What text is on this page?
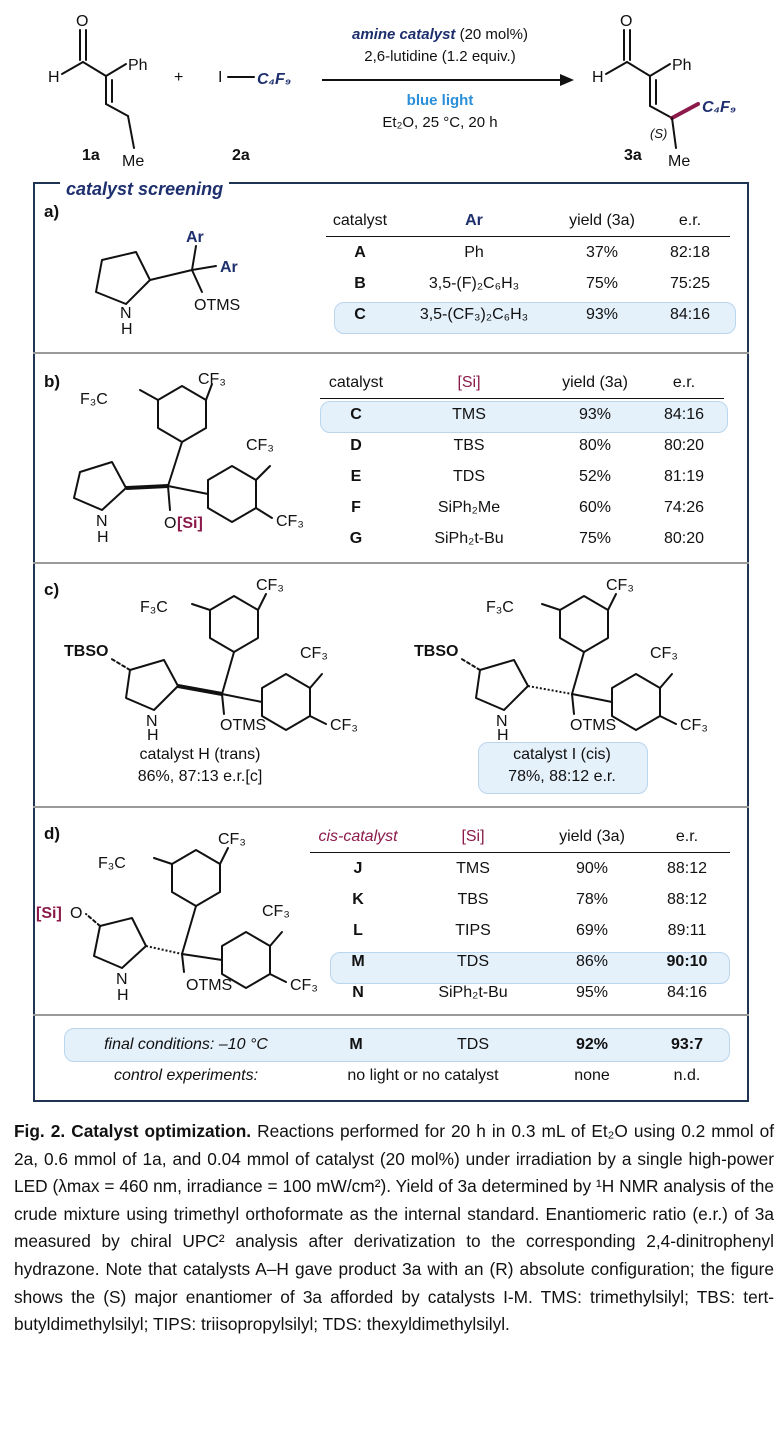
O
H
Ph
Me
1a
+ I C₄F₉
2a
O
H
Ph
C₄F₉
(S)
Me
3a
amine catalyst (20 mol%)
2,6-lutidine (1.2 equiv.)
blue light
Et₂O, 25 °C, 20 h
catalyst screening
a)
Ar
Ar
N
H
OTMS
catalyst	Ar	yield (3a)	e.r.
A	Ph	37%	82:18
B	3,5-(F)₂C₆H₃	75%	75:25
C	3,5-(CF₃)₂C₆H₃	93%	84:16
b)
F₃C
CF₃
CF₃
CF₃
N
H
O [Si]
catalyst	[Si]	yield (3a)	e.r.
C	TMS	93%	84:16
D	TBS	80%	80:20
E	TDS	52%	81:19
F	SiPh₂Me	60%	74:26
G	SiPh₂t-Bu	75%	80:20
c)
F₃C
CF₃
CF₃
CF₃
TBSO
N
H
OTMS
catalyst H (trans)
86%, 87:13 e.r.[c]
F₃C
CF₃
CF₃
CF₃
TBSO
N
H
OTMS
catalyst I (cis)
78%, 88:12 e.r.
d)
F₃C
CF₃
CF₃
CF₃
[Si] O
N
H
OTMS
cis-catalyst	[Si]	yield (3a)	e.r.
J	TMS	90%	88:12
K	TBS	78%	88:12
L	TIPS	69%	89:11
M	TDS	86%	90:10
N	SiPh₂t-Bu	95%	84:16
final conditions: –10 °C	M	TDS	92%	93:7
control experiments:	no light or no catalyst		none	n.d.
Fig. 2. Catalyst optimization. Reactions performed for 20 h in 0.3 mL of Et₂O using 0.2 mmol of 2a, 0.6 mmol of 1a, and 0.04 mmol of catalyst (20 mol%) under irradiation by a single high-power LED (λmax = 460 nm, irradiance = 100 mW/cm²). Yield of 3a determined by ¹H NMR analysis of the crude mixture using trimethyl orthoformate as the internal standard. Enantiomeric ratio (e.r.) of 3a measured by chiral UPC² analysis after derivatization to the corresponding 2,4-dinitrophenyl hydrazone. Note that catalysts A–H gave product 3a with an (R) absolute configuration; the figure shows the (S) major enantiomer of 3a afforded by catalysts I-M. TMS: trimethylsilyl; TBS: tert-butyldimethylsilyl; TIPS: triisopropylsilyl; TDS: thexyldimethylsilyl.
